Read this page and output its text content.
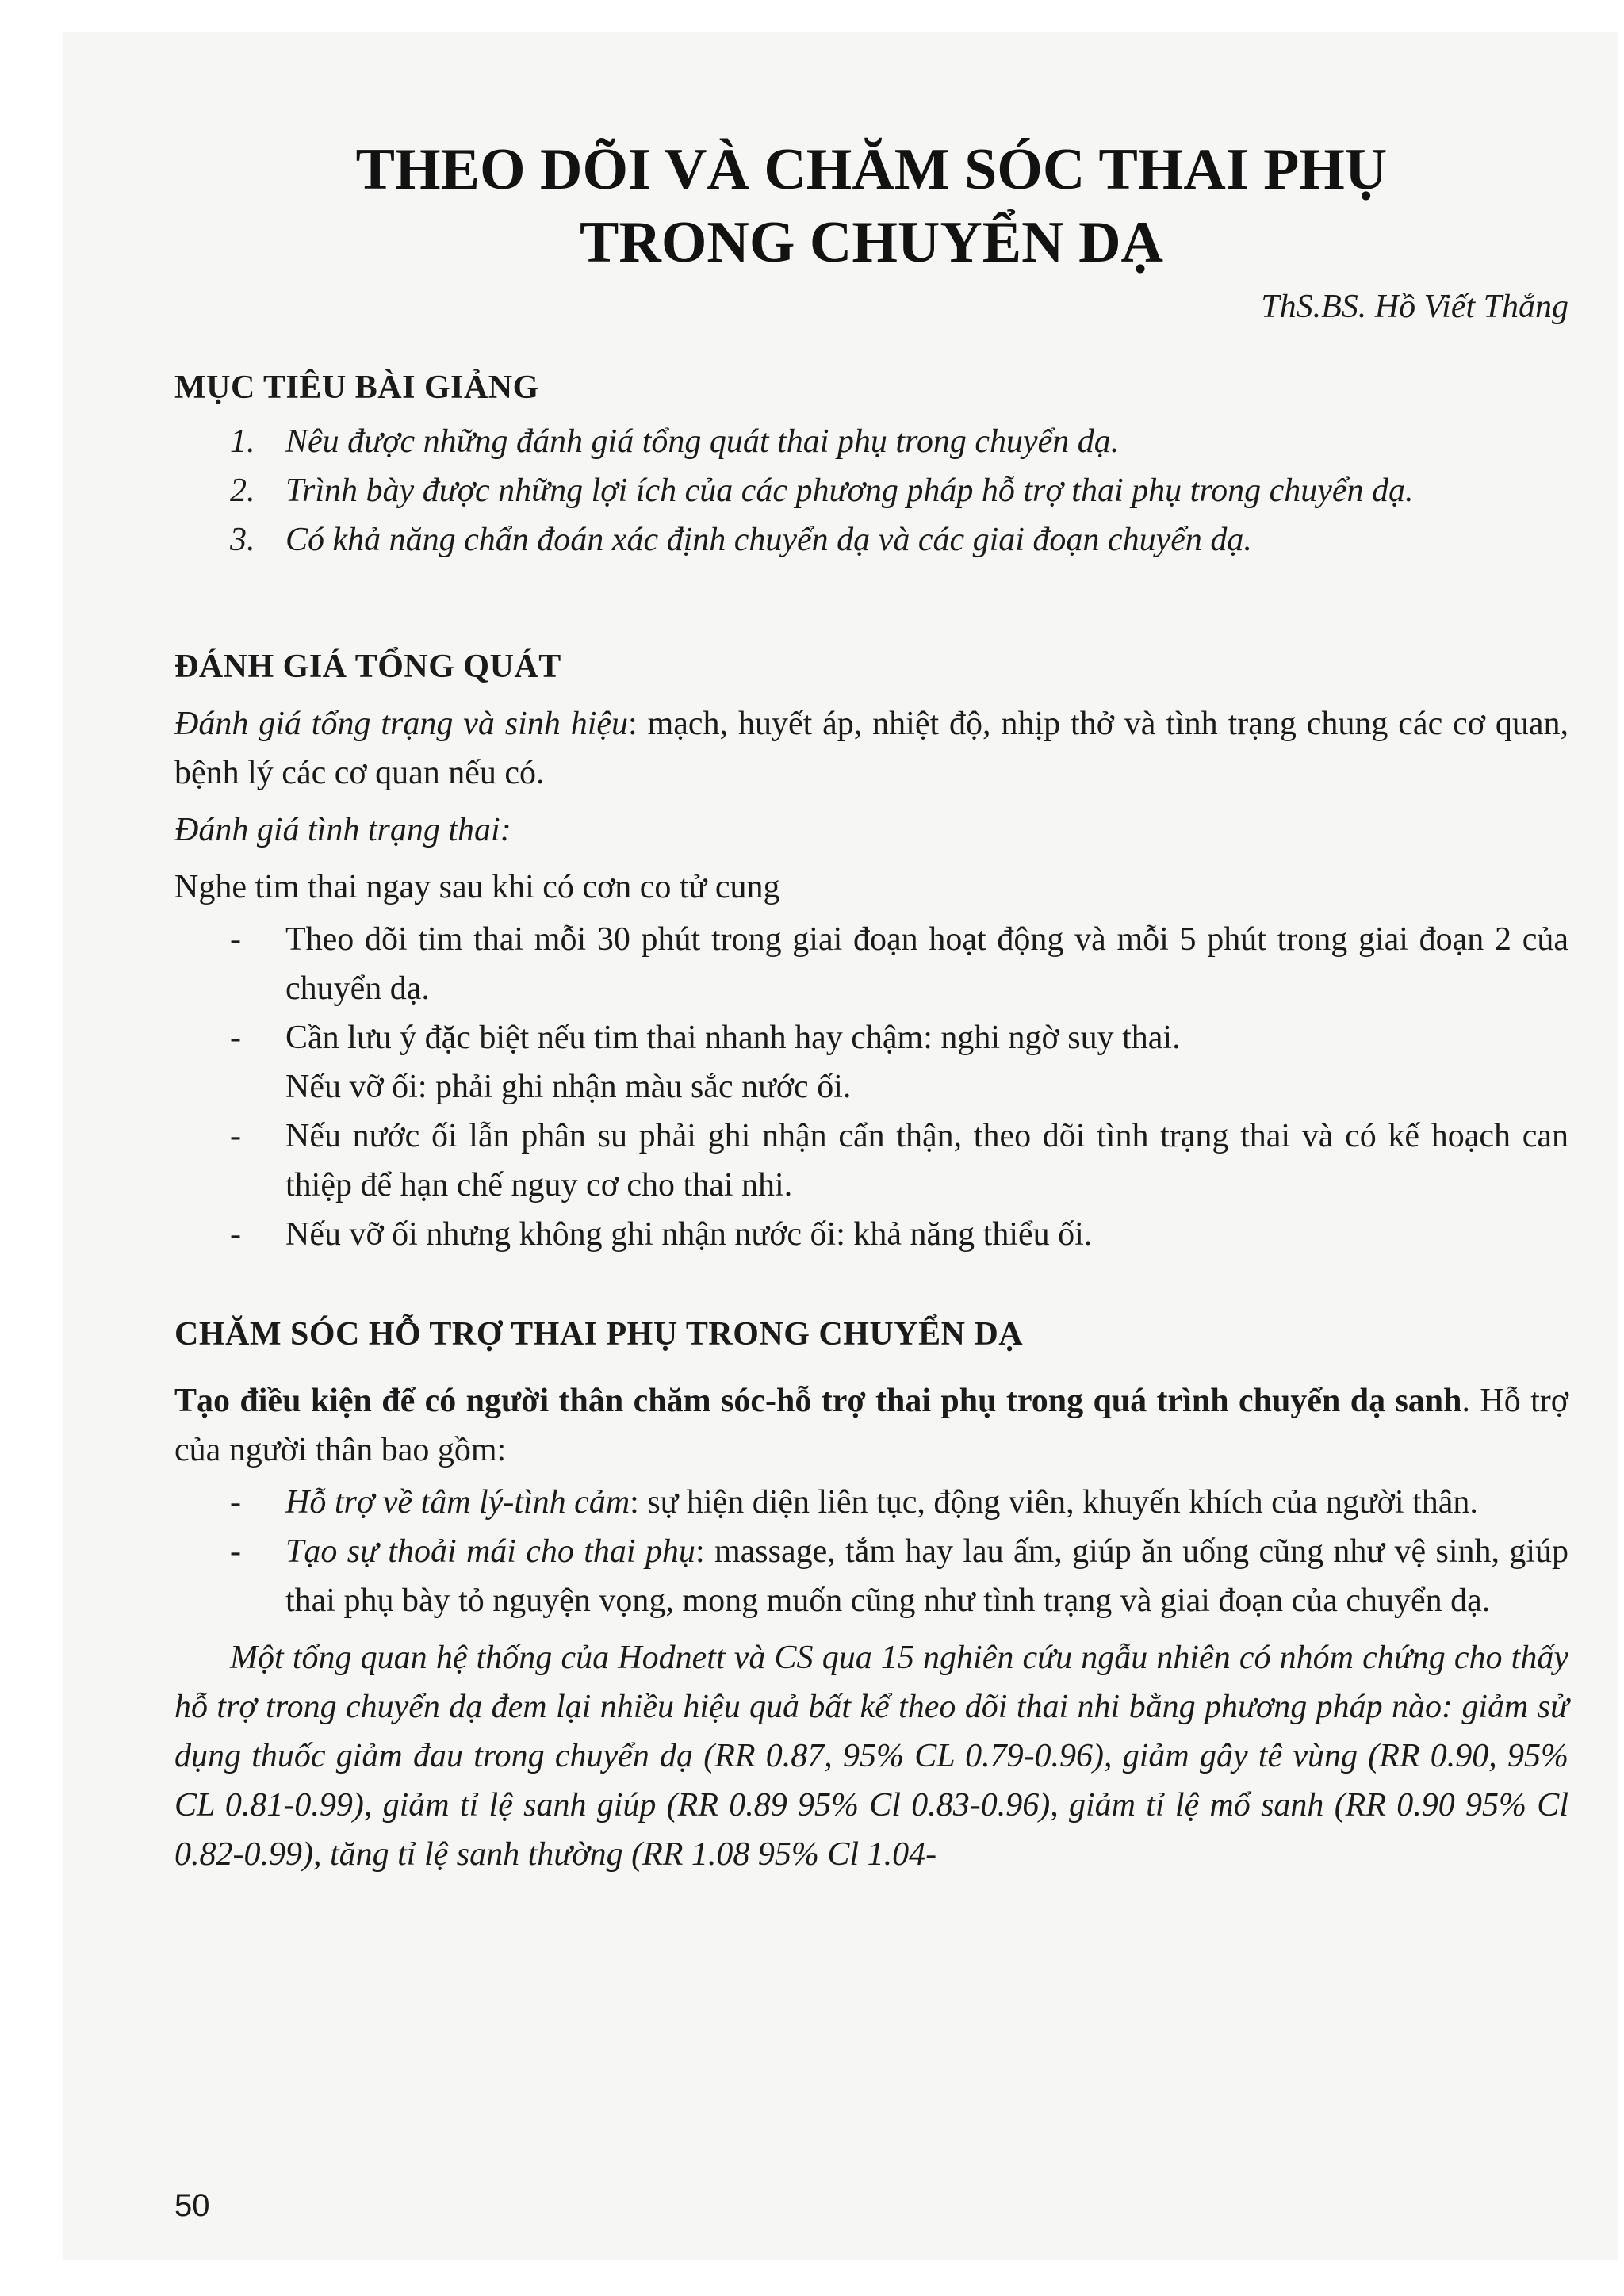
THEO DÕI VÀ CHĂM SÓC THAI PHỤ
TRONG CHUYỂN DẠ
ThS.BS. Hồ Viết Thắng
MỤC TIÊU BÀI GIẢNG
1. Nêu được những đánh giá tổng quát thai phụ trong chuyển dạ.
2. Trình bày được những lợi ích của các phương pháp hỗ trợ thai phụ trong chuyển dạ.
3. Có khả năng chẩn đoán xác định chuyển dạ và các giai đoạn chuyển dạ.
ĐÁNH GIÁ TỔNG QUÁT

Đánh giá tổng trạng và sinh hiệu: mạch, huyết áp, nhiệt độ, nhịp thở và tình trạng chung các cơ quan, bệnh lý các cơ quan nếu có.

Đánh giá tình trạng thai:

Nghe tim thai ngay sau khi có cơn co tử cung

- Theo dõi tim thai mỗi 30 phút trong giai đoạn hoạt động và mỗi 5 phút trong giai đoạn 2 của chuyển dạ.
- Cần lưu ý đặc biệt nếu tim thai nhanh hay chậm: nghi ngờ suy thai.
Nếu vỡ ối: phải ghi nhận màu sắc nước ối.
- Nếu nước ối lẫn phân su phải ghi nhận cẩn thận, theo dõi tình trạng thai và có kế hoạch can thiệp để hạn chế nguy cơ cho thai nhi.
- Nếu vỡ ối nhưng không ghi nhận nước ối: khả năng thiểu ối.
CHĂM SÓC HỖ TRỢ THAI PHỤ TRONG CHUYỂN DẠ

Tạo điều kiện để có người thân chăm sóc-hỗ trợ thai phụ trong quá trình chuyển dạ sanh. Hỗ trợ của người thân bao gồm:

- Hỗ trợ về tâm lý-tình cảm: sự hiện diện liên tục, động viên, khuyến khích của người thân.
- Tạo sự thoải mái cho thai phụ: massage, tắm hay lau ấm, giúp ăn uống cũng như vệ sinh, giúp thai phụ bày tỏ nguyện vọng, mong muốn cũng như tình trạng và giai đoạn của chuyển dạ.

Một tổng quan hệ thống của Hodnett và CS qua 15 nghiên cứu ngẫu nhiên có nhóm chứng cho thấy hỗ trợ trong chuyển dạ đem lại nhiều hiệu quả bất kể theo dõi thai nhi bằng phương pháp nào: giảm sử dụng thuốc giảm đau trong chuyển dạ (RR 0.87, 95% CL 0.79-0.96), giảm gây tê vùng (RR 0.90, 95% CL 0.81-0.99), giảm tỉ lệ sanh giúp (RR 0.89 95% Cl 0.83-0.96), giảm tỉ lệ mổ sanh (RR 0.90 95% Cl 0.82-0.99), tăng tỉ lệ sanh thường (RR 1.08 95% Cl 1.04-

50
